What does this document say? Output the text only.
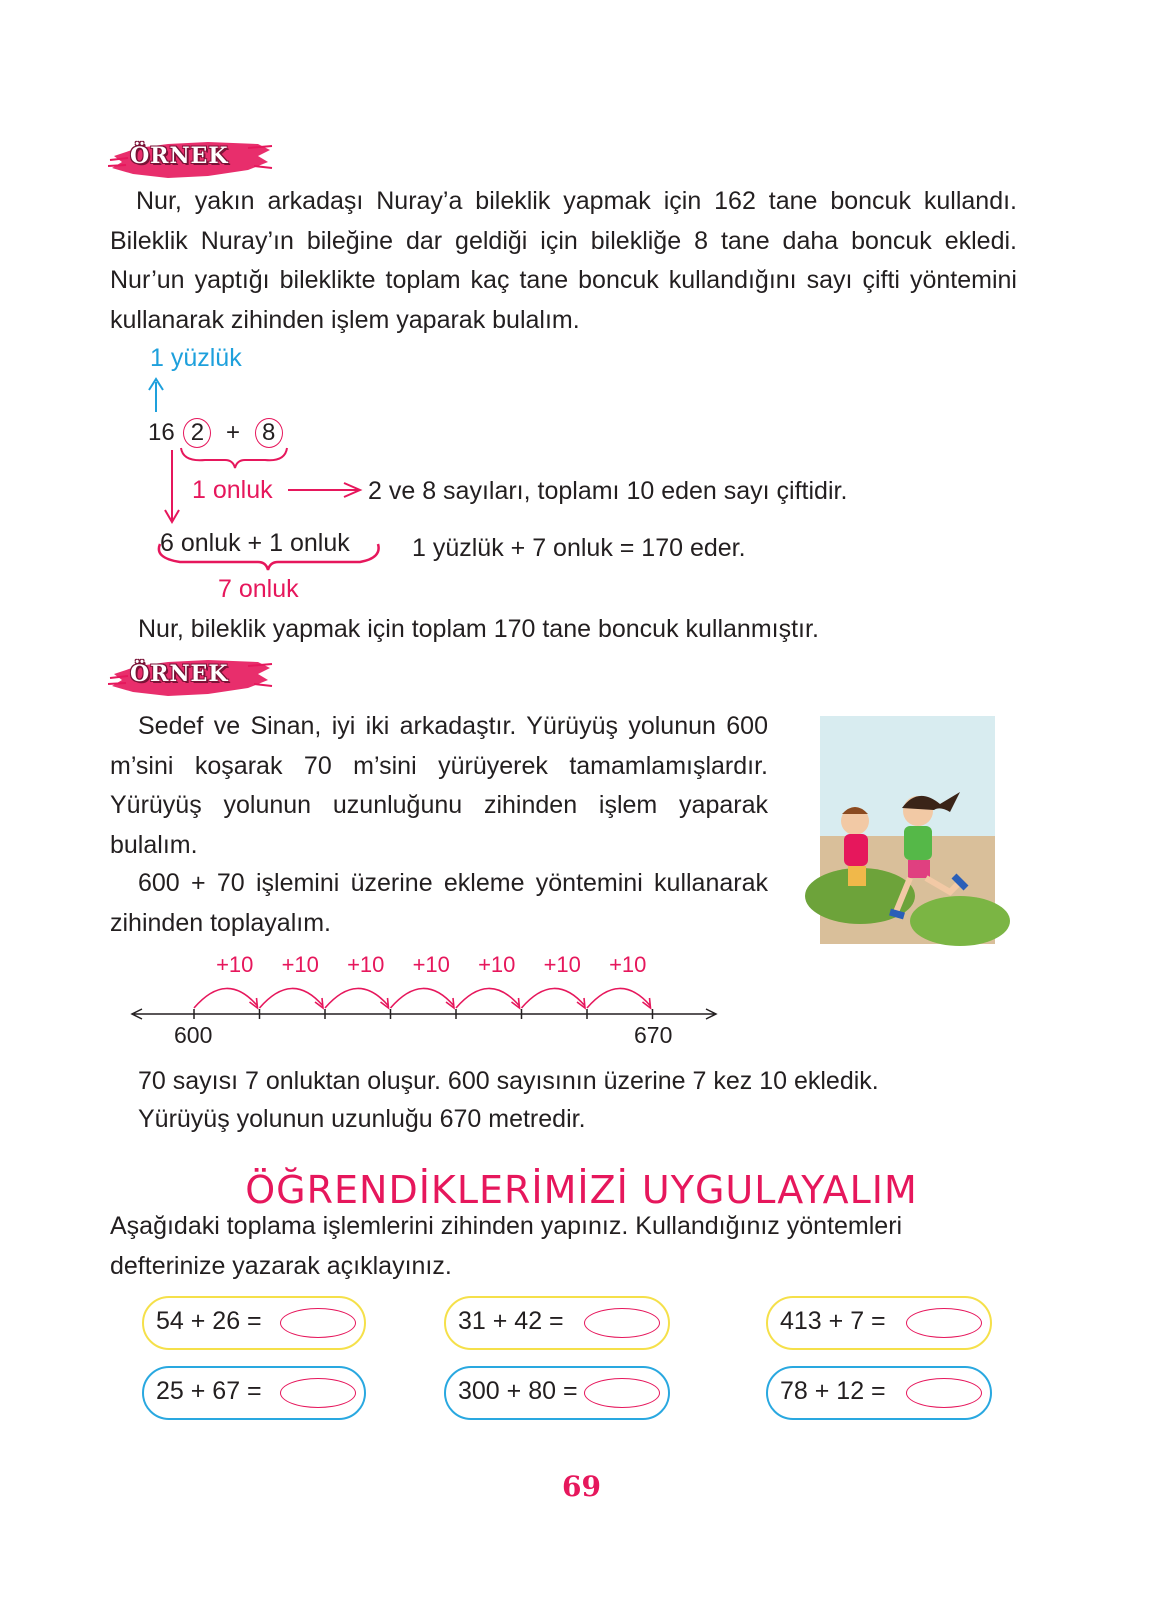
ÖRNEK

Nur, yakın arkadaşı Nuray’a bileklik yapmak için 162 tane boncuk kullandı. Bileklik Nuray’ın bileğine dar geldiği için bilekliğe 8 tane daha boncuk ekledi. Nur’un yaptığı bileklikte toplam kaç tane boncuk kullandığını sayı çifti yöntemini kullanarak zihinden işlem yaparak bulalım.

1 yüzlük
16 2 + 8
1 onluk	2 ve 8 sayıları, toplamı 10 eden sayı çiftidir.
6 onluk + 1 onluk 1 yüzlük + 7 onluk = 170 eder.
7 onluk
Nur, bileklik yapmak için toplam 170 tane boncuk kullanmıştır.
ÖRNEK

Sedef ve Sinan, iyi iki arkadaştır. Yürüyüş yolunun 600 m’sini koşarak 70 m’sini yürüyerek tamamlamışlardır. Yürüyüş yolunun uzunluğunu zihinden işlem yaparak bulalım.

600 + 70 işlemini üzerine ekleme yöntemini kullanarak zihinden toplayalım.

+10	+10	+10	+10	+10	+10	+10
600	670
70 sayısı 7 onluktan oluşur. 600 sayısının üzerine 7 kez 10 ekledik.
Yürüyüş yolunun uzunluğu 670 metredir.
ÖĞRENDİKLERİMİZİ UYGULAYALIM

Aşağıdaki toplama işlemlerini zihinden yapınız. Kullandığınız yöntemleri defterinize yazarak açıklayınız.

54 + 26 =	31 + 42 =	413 + 7 =
25 + 67 =	300 + 80 =	78 + 12 =
69
